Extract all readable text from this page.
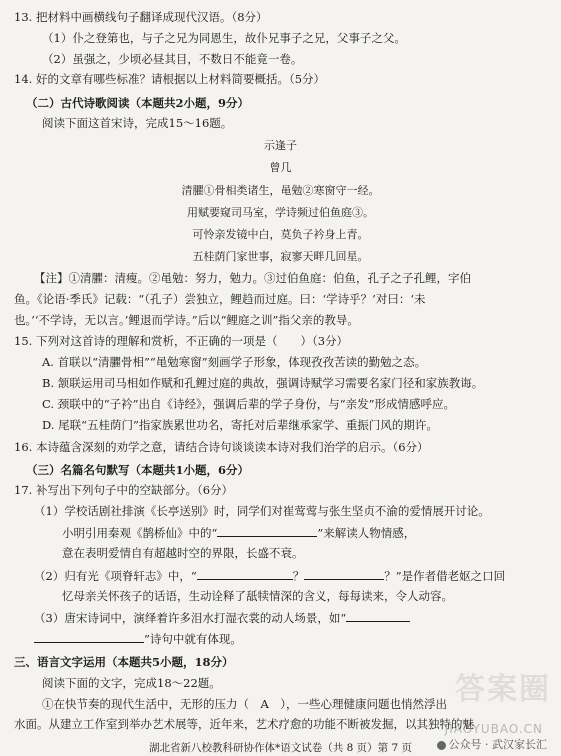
13. 把材料中画横线句子翻译成现代汉语。（8分）
（1）仆之登第也，与子之兄为同恩生，故仆兄事子之兄，父事子之父。
（2）虽强之，少顷必昼其目，不数日不能竟一卷。
14. 好的文章有哪些标准？请根据以上材料简要概括。（5分）
（二）古代诗歌阅读（本题共2小题，9分）
阅读下面这首宋诗，完成15～16题。
示逢子
曾几
清臞①骨相类诸生，黾勉②寒窗守一经。
用赋要窥司马室，学诗频过伯鱼庭③。
可怜亲发镜中白，莫负子衿身上青。
五桂荫门家世事，寂寥天畔几回星。
【注】①清臞：清瘦。②黾勉：努力，勉力。③过伯鱼庭：伯鱼，孔子之子孔鲤，字伯
鱼。《论语·季氏》记载：“（孔子）尝独立，鲤趋而过庭。曰：‘学诗乎？’对曰：‘未
也。’‘不学诗，无以言。’鲤退而学诗。”后以“鲤庭之训”指父亲的教导。
15. 下列对这首诗的理解和赏析，不正确的一项是（　　）（3分）
A. 首联以“清臞骨相”“黾勉寒窗”刻画学子形象，体现孜孜苦读的勤勉之态。
B. 颔联运用司马相如作赋和孔鲤过庭的典故，强调诗赋学习需要名家门径和家族教诲。
C. 颈联中的“子衿”出自《诗经》，强调后辈的学子身份，与“亲发”形成情感呼应。
D. 尾联“五桂荫门”指家族累世功名，寄托对后辈继承家学、重振门风的期许。
16. 本诗蕴含深刻的劝学之意，请结合诗句谈谈读本诗对我们治学的启示。（6分）
（三）名篇名句默写（本题共1小题，6分）
17. 补写出下列句子中的空缺部分。（6分）
（1）学校话剧社排演《长亭送别》时，同学们对崔莺莺与张生坚贞不渝的爱情展开讨论。
小明引用秦观《鹊桥仙》中的“	”来解读人物情感，
意在表明爱情自有超越时空的界限，长盛不衰。
（2）归有光《项脊轩志》中，“	？	？”是作者借老妪之口回
忆母亲关怀孩子的话语，生动诠释了舐犊情深的含义，每每读来，令人动容。
（3）唐宋诗词中，演绎着许多泪水打湿衣裳的动人场景，如“
”诗句中就有体现。
三、语言文字运用（本题共5小题，18分）
阅读下面的文字，完成18～22题。
①在快节奏的现代生活中，无形的压力（　A　），一些心理健康问题也悄然浮出
水面。从建立工作室到举办艺术展等，近年来，艺术疗愈的功能不断被发掘，以其独特的魅
湖北省新八校教科研协作体*语文试卷（共 8 页）第 7 页
答案圈
JIAOYUBAO.CN
公众号 · 武汉家长汇
